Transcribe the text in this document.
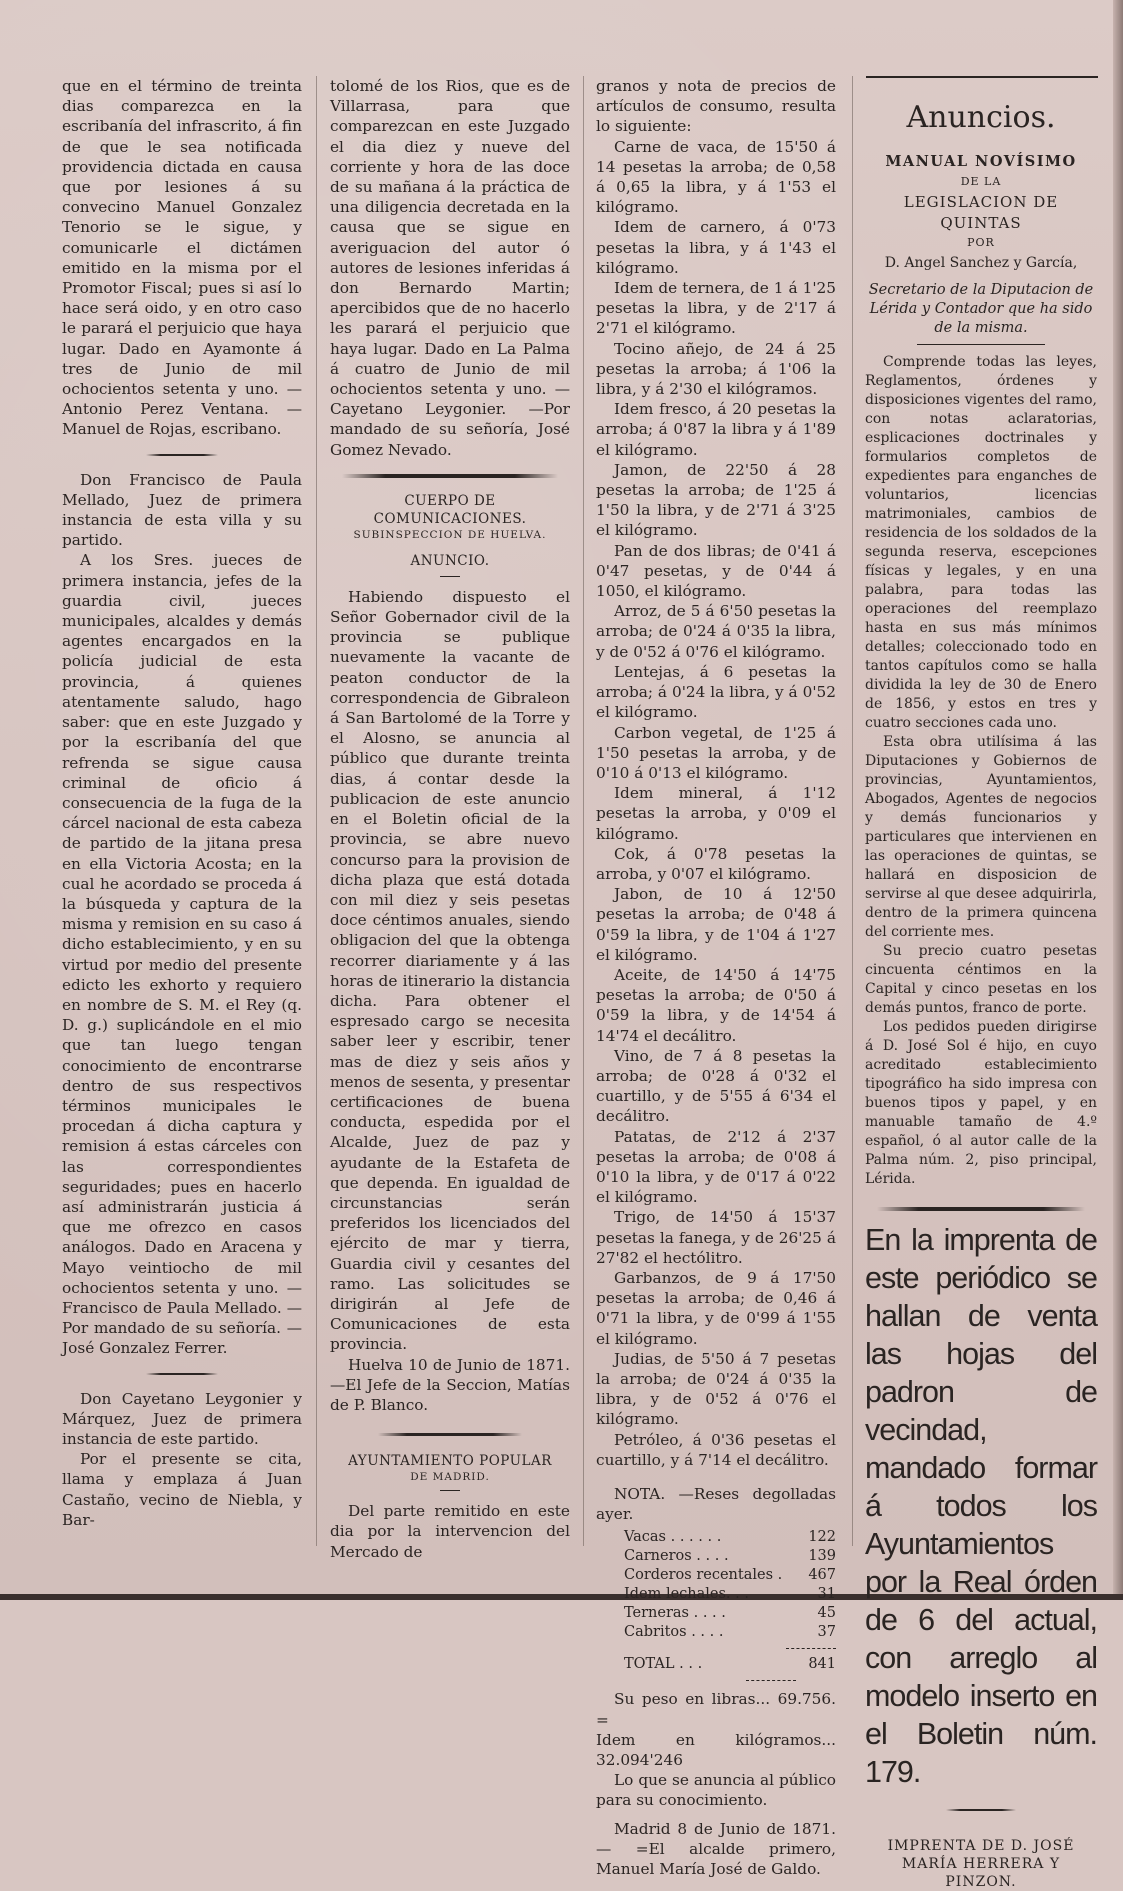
que en el término de treinta dias comparezca en la escribanía del infrascrito, á fin de que le sea notificada providencia dictada en causa que por lesiones á su convecino Manuel Gonzalez Tenorio se le sigue, y comunicarle el dictámen emitido en la misma por el Promotor Fiscal; pues si así lo hace será oido, y en otro caso le parará el perjuicio que haya lugar. Dado en Ayamonte á tres de Junio de mil ochocientos setenta y uno. —Antonio Perez Ventana. — Manuel de Rojas, escribano.

Don Francisco de Paula Mellado, Juez de primera instancia de esta villa y su partido.

A los Sres. jueces de primera instancia, jefes de la guardia civil, jueces municipales, alcaldes y demás agentes encargados en la policía judicial de esta provincia, á quienes atentamente saludo, hago saber: que en este Juzgado y por la escribanía del que refrenda se sigue causa criminal de oficio á consecuencia de la fuga de la cárcel nacional de esta cabeza de partido de la jitana presa en ella Victoria Acosta; en la cual he acordado se proceda á la búsqueda y captura de la misma y remision en su caso á dicho establecimiento, y en su virtud por medio del presente edicto les exhorto y requiero en nombre de S. M. el Rey (q. D. g.) suplicándole en el mio que tan luego tengan conocimiento de encontrarse dentro de sus respectivos términos municipales le procedan á dicha captura y remision á estas cárceles con las correspondientes seguridades; pues en hacerlo así administrarán justicia á que me ofrezco en casos análogos. Dado en Aracena y Mayo veintiocho de mil ochocientos setenta y uno. —Francisco de Paula Mellado. —Por mandado de su señoría. —José Gonzalez Ferrer.

Don Cayetano Leygonier y Márquez, Juez de primera instancia de este partido.

Por el presente se cita, llama y emplaza á Juan Castaño, vecino de Niebla, y Bar-

tolomé de los Rios, que es de Villarrasa, para que comparezcan en este Juzgado el dia diez y nueve del corriente y hora de las doce de su mañana á la práctica de una diligencia decretada en la causa que se sigue en averiguacion del autor ó autores de lesiones inferidas á don Bernardo Martin; apercibidos que de no hacerlo les parará el perjuicio que haya lugar. Dado en La Palma á cuatro de Junio de mil ochocientos setenta y uno. —Cayetano Leygonier. —Por mandado de su señoría, José Gomez Nevado.

CUERPO DE COMUNICACIONES.
SUBINSPECCION DE HUELVA.
ANUNCIO.

Habiendo dispuesto el Señor Gobernador civil de la provincia se publique nuevamente la vacante de peaton conductor de la correspondencia de Gibraleon á San Bartolomé de la Torre y el Alosno, se anuncia al público que durante treinta dias, á contar desde la publicacion de este anuncio en el Boletin oficial de la provincia, se abre nuevo concurso para la provision de dicha plaza que está dotada con mil diez y seis pesetas doce céntimos anuales, siendo obligacion del que la obtenga recorrer diariamente y á las horas de itinerario la distancia dicha. Para obtener el espresado cargo se necesita saber leer y escribir, tener mas de diez y seis años y menos de sesenta, y presentar certificaciones de buena conducta, espedida por el Alcalde, Juez de paz y ayudante de la Estafeta de que dependa. En igualdad de circunstancias serán preferidos los licenciados del ejército de mar y tierra, Guardia civil y cesantes del ramo. Las solicitudes se dirigirán al Jefe de Comunicaciones de esta provincia.

Huelva 10 de Junio de 1871. —El Jefe de la Seccion, Matías de P. Blanco.

AYUNTAMIENTO POPULAR
DE MADRID.

Del parte remitido en este dia por la intervencion del Mercado de

granos y nota de precios de artículos de consumo, resulta lo siguiente:

Carne de vaca, de 15'50 á 14 pesetas la arroba; de 0,58 á 0,65 la libra, y á 1'53 el kilógramo.

Idem de carnero, á 0'73 pesetas la libra, y á 1'43 el kilógramo.

Idem de ternera, de 1 á 1'25 pesetas la libra, y de 2'17 á 2'71 el kilógramo.

Tocino añejo, de 24 á 25 pesetas la arroba; á 1'06 la libra, y á 2'30 el kilógramos.

Idem fresco, á 20 pesetas la arroba; á 0'87 la libra y á 1'89 el kilógramo.

Jamon, de 22'50 á 28 pesetas la arroba; de 1'25 á 1'50 la libra, y de 2'71 á 3'25 el kilógramo.

Pan de dos libras; de 0'41 á 0'47 pesetas, y de 0'44 á 1050, el kilógramo.

Arroz, de 5 á 6'50 pesetas la arroba; de 0'24 á 0'35 la libra, y de 0'52 á 0'76 el kilógramo.

Lentejas, á 6 pesetas la arroba; á 0'24 la libra, y á 0'52 el kilógramo.

Carbon vegetal, de 1'25 á 1'50 pesetas la arroba, y de 0'10 á 0'13 el kilógramo.

Idem mineral, á 1'12 pesetas la arroba, y 0'09 el kilógramo.

Cok, á 0'78 pesetas la arroba, y 0'07 el kilógramo.

Jabon, de 10 á 12'50 pesetas la arroba; de 0'48 á 0'59 la libra, y de 1'04 á 1'27 el kilógramo.

Aceite, de 14'50 á 14'75 pesetas la arroba; de 0'50 á 0'59 la libra, y de 14'54 á 14'74 el decálitro.

Vino, de 7 á 8 pesetas la arroba; de 0'28 á 0'32 el cuartillo, y de 5'55 á 6'34 el decálitro.

Patatas, de 2'12 á 2'37 pesetas la arroba; de 0'08 á 0'10 la libra, y de 0'17 á 0'22 el kilógramo.

Trigo, de 14'50 á 15'37 pesetas la fanega, y de 26'25 á 27'82 el hectólitro.

Garbanzos, de 9 á 17'50 pesetas la arroba; de 0,46 á 0'71 la libra, y de 0'99 á 1'55 el kilógramo.

Judias, de 5'50 á 7 pesetas la arroba; de 0'24 á 0'35 la libra, y de 0'52 á 0'76 el kilógramo.

Petróleo, á 0'36 pesetas el cuartillo, y á 7'14 el decálitro.

NOTA. —Reses degolladas ayer.

Vacas . . . . . .	122
Carneros . . . .	139
Corderos recentales .	467
Idem lechales. . .	31
Terneras . . . .	45
Cabritos . . . .	37
TOTAL . . .	841

Su peso en libras... 69.756. =

Idem en kilógramos... 32.094'246

Lo que se anuncia al público para su conocimiento.

Madrid 8 de Junio de 1871. — =El alcalde primero, Manuel María José de Galdo.

Anuncios.
MANUAL NOVÍSIMO
DE LA
LEGISLACION DE QUINTAS
POR
D. Angel Sanchez y García,
Secretario de la Diputacion de Lérida y Contador que ha sido de la misma.

Comprende todas las leyes, Reglamentos, órdenes y disposiciones vigentes del ramo, con notas aclaratorias, esplicaciones doctrinales y formularios completos de expedientes para enganches de voluntarios, licencias matrimoniales, cambios de residencia de los soldados de la segunda reserva, escepciones físicas y legales, y en una palabra, para todas las operaciones del reemplazo hasta en sus más mínimos detalles; coleccionado todo en tantos capítulos como se halla dividida la ley de 30 de Enero de 1856, y estos en tres y cuatro secciones cada uno.

Esta obra utilísima á las Diputaciones y Gobiernos de provincias, Ayuntamientos, Abogados, Agentes de negocios y demás funcionarios y particulares que intervienen en las operaciones de quintas, se hallará en disposicion de servirse al que desee adquirirla, dentro de la primera quincena del corriente mes.

Su precio cuatro pesetas cincuenta céntimos en la Capital y cinco pesetas en los demás puntos, franco de porte.

Los pedidos pueden dirigirse á D. José Sol é hijo, en cuyo acreditado establecimiento tipográfico ha sido impresa con buenos tipos y papel, y en manuable tamaño de 4.º español, ó al autor calle de la Palma núm. 2, piso principal, Lérida.

En la imprenta de este periódico se hallan de venta las hojas del padron de vecindad, mandado formar á todos los Ayuntamientos por la Real órden de 6 del actual, con arreglo al modelo inserto en el Boletin núm. 179.

IMPRENTA DE D. JOSÉ MARÍA HERRERA Y PINZON.
